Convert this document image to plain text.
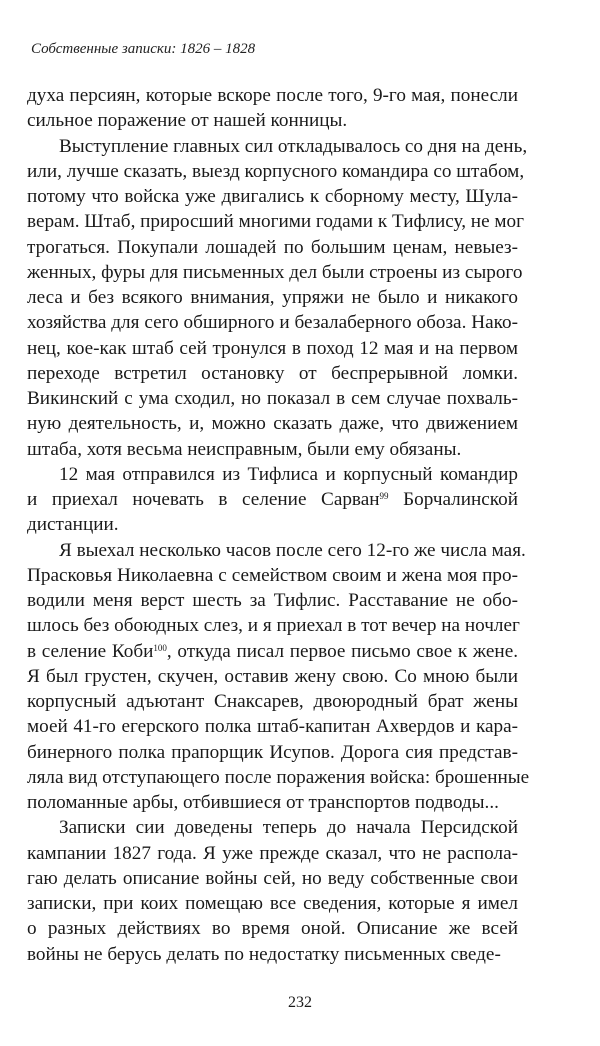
Собственные записки: 1826 – 1828
духа персиян, которые вскоре после того, 9-го мая, понесли
сильное поражение от нашей конницы.
Выступление главных сил откладывалось со дня на день,
или, лучше сказать, выезд корпусного командира со штабом,
потому что войска уже двигались к сборному месту, Шула-
верам. Штаб, приросший многими годами к Тифлису, не мог
трогаться. Покупали лошадей по большим ценам, невыез-
женных, фуры для письменных дел были строены из сырого
леса и без всякого внимания, упряжи не было и никакого
хозяйства для сего обширного и безалаберного обоза. Нако-
нец, кое-как штаб сей тронулся в поход 12 мая и на первом
переходе встретил остановку от беспрерывной ломки.
Викинский с ума сходил, но показал в сем случае похваль-
ную деятельность, и, можно сказать даже, что движением
штаба, хотя весьма неисправным, были ему обязаны.
12 мая отправился из Тифлиса и корпусный командир
и приехал ночевать в селение Сарван$^{99}$ Борчалинской
дистанции.
Я выехал несколько часов после сего 12-го же числа мая.
Прасковья Николаевна с семейством своим и жена моя про-
водили меня верст шесть за Тифлис. Расставание не обо-
шлось без обоюдных слез, и я приехал в тот вечер на ночлег
в селение Коби$^{100}$, откуда писал первое письмо свое к жене.
Я был грустен, скучен, оставив жену свою. Со мною были
корпусный адъютант Снаксарев, двоюродный брат жены
моей 41-го егерского полка штаб-капитан Ахвердов и кара-
бинерного полка прапорщик Исупов. Дорога сия представ-
ляла вид отступающего после поражения войска: брошенные
поломанные арбы, отбившиеся от транспортов подводы...
Записки сии доведены теперь до начала Персидской
кампании 1827 года. Я уже прежде сказал, что не распола-
гаю делать описание войны сей, но веду собственные свои
записки, при коих помещаю все сведения, которые я имел
о разных действиях во время оной. Описание же всей
войны не берусь делать по недостатку письменных сведе-
232
